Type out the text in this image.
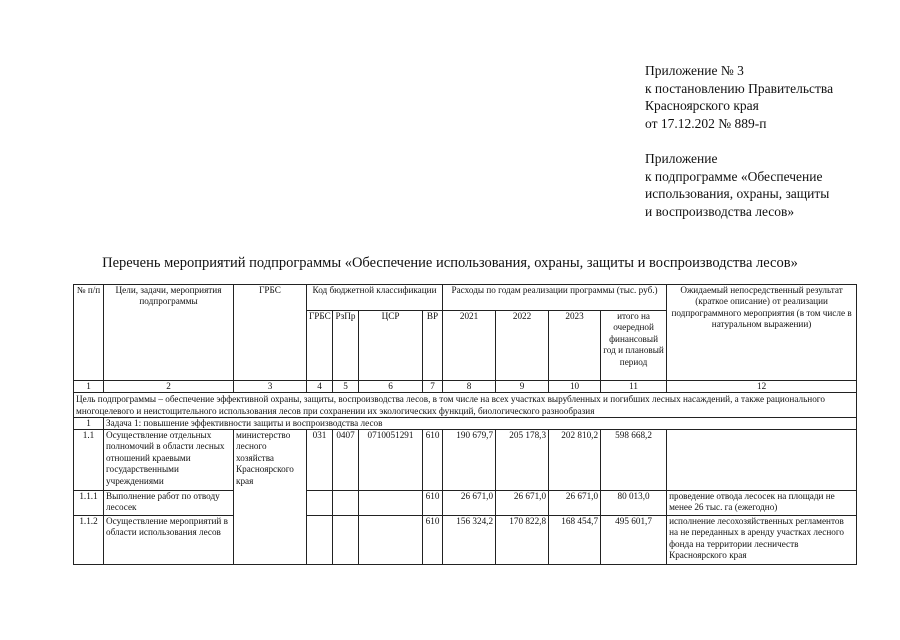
Приложение № 3
к постановлению Правительства
Красноярского края
от 17.12.202 № 889-п
Приложение
к подпрограмме «Обеспечение
использования, охраны, защиты
и воспроизводства лесов»
Перечень мероприятий подпрограммы «Обеспечение использования, охраны, защиты и воспроизводства лесов»
№ п/п	Цели, задачи, мероприятия подпрограммы	ГРБС	Код бюджетной классификации				Расходы по годам реализации программы (тыс. руб.)				Ожидаемый непосредственный результат (краткое описание) от реализации подпрограммного мероприятия (в том числе в натуральном выражении)
			ГРБС	РзПр	ЦСР	ВР	2021	2022	2023	итого на очередной финансовый год и плановый период	
1	2	3	4	5	6	7	8	9	10	11	12
Цель подпрограммы – обеспечение эффективной охраны, защиты, воспроизводства лесов, в том числе на всех участках вырубленных и погибших лесных насаждений, а также рационального многоцелевого и неистощительного использования лесов при сохранении их экологических функций, биологического разнообразия											
1	Задача 1: повышение эффективности защиты и воспроизводства лесов										
1.1	Осуществление отдельных полномочий в области лесных отношений краевыми государственными учреждениями	министерство лесного хозяйства Красноярского края	031	0407	0710051291	610	190 679,7	205 178,3	202 810,2	598 668,2	
1.1.1	Выполнение работ по отводу лесосек					610	26 671,0	26 671,0	26 671,0	80 013,0	проведение отвода лесосек на площади не менее 26 тыс. га (ежегодно)
1.1.2	Осуществление мероприятий в области использования лесов					610	156 324,2	170 822,8	168 454,7	495 601,7	исполнение лесохозяйственных регламентов на не переданных в аренду участках лесного фонда на территории лесничеств Красноярского края
